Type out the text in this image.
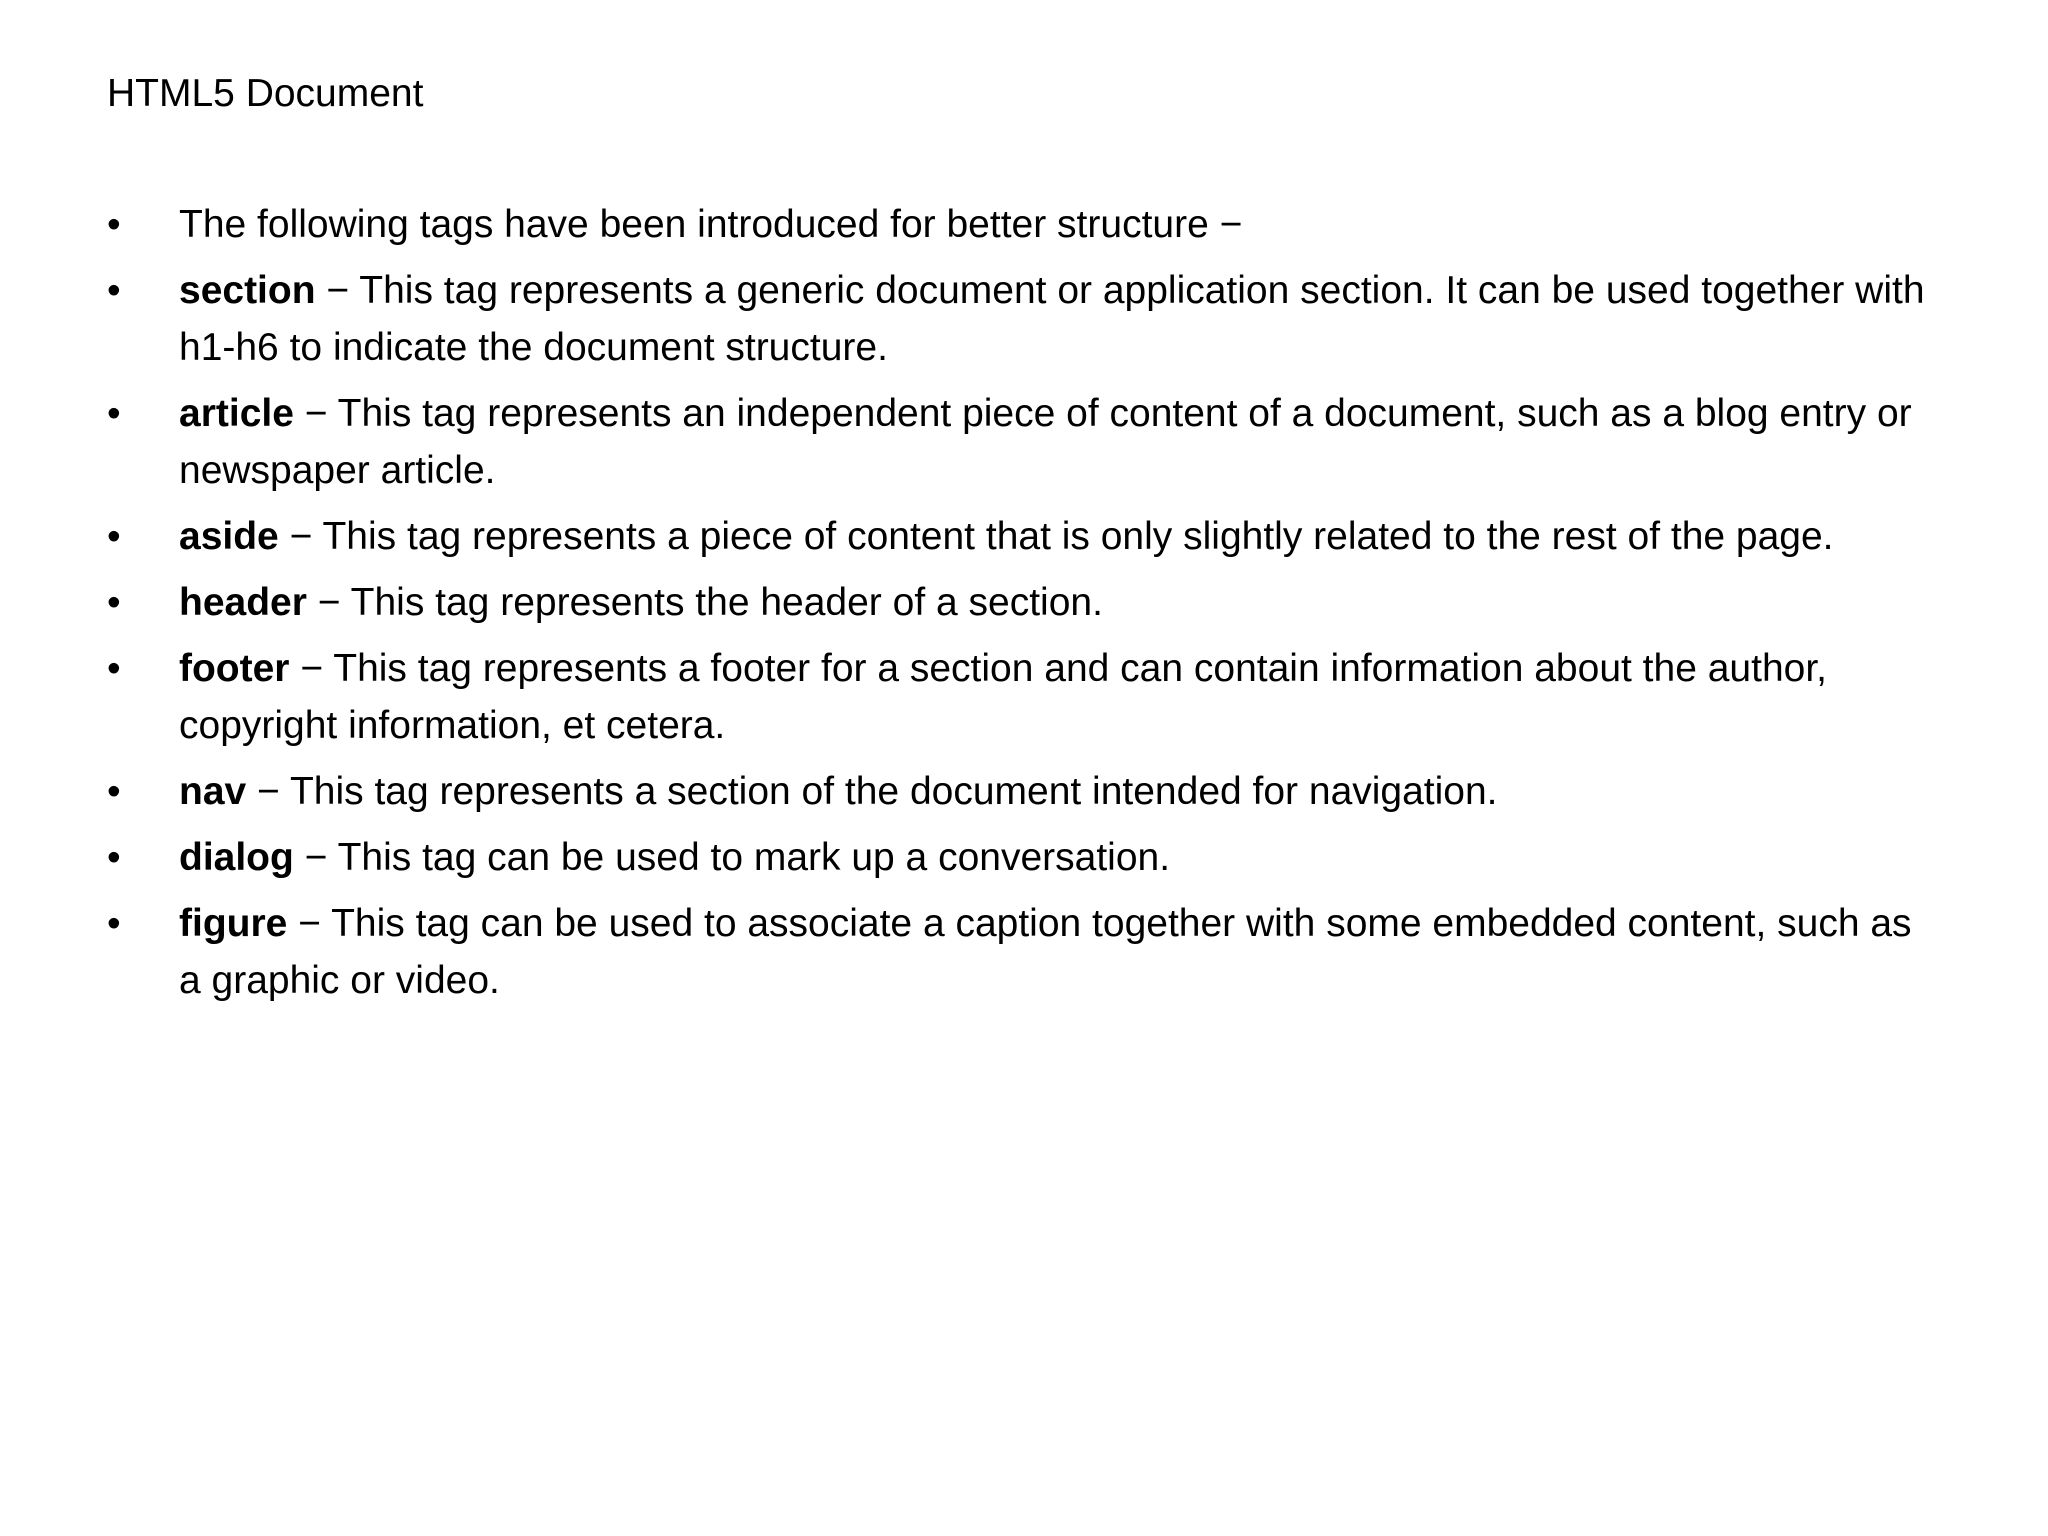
HTML5 Document
•	The following tags have been introduced for better structure −
•	section − This tag represents a generic document or application section. It can be used together with h1-h6 to indicate the document structure.
•	article − This tag represents an independent piece of content of a document, such as a blog entry or newspaper article.
•	aside − This tag represents a piece of content that is only slightly related to the rest of the page.
•	header − This tag represents the header of a section.
•	footer − This tag represents a footer for a section and can contain information about the author, copyright information, et cetera.
•	nav − This tag represents a section of the document intended for navigation.
•	dialog − This tag can be used to mark up a conversation.
•	figure − This tag can be used to associate a caption together with some embedded content, such as a graphic or video.
